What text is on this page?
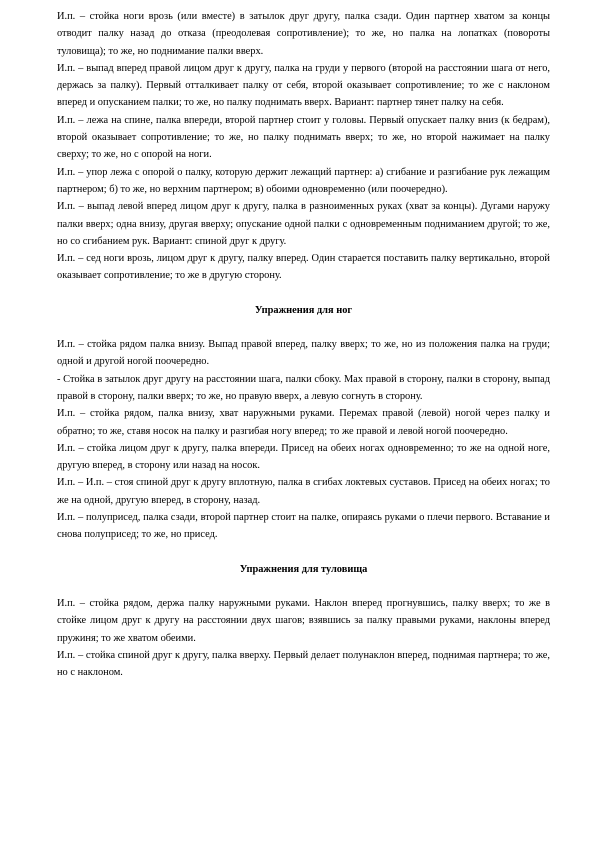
И.п. – стойка ноги врозь (или вместе) в затылок друг другу, палка сзади. Один партнер хватом за концы отводит палку назад до отказа (преодолевая сопротивление); то же, но палка на лопатках (повороты туловища); то же, но поднимание палки вверх.

И.п. – выпад вперед правой лицом друг к другу, палка на груди у первого (второй на расстоянии шага от него, держась за палку). Первый отталкивает палку от себя, второй оказывает сопротивление; то же с наклоном вперед и опусканием палки; то же, но палку поднимать вверх. Вариант: партнер тянет палку на себя.

И.п. – лежа на спине, палка впереди, второй партнер стоит у головы. Первый опускает палку вниз (к бедрам), второй оказывает сопротивление; то же, но палку поднимать вверх; то же, но второй нажимает на палку сверху; то же, но с опорой на ноги.

И.п. – упор лежа с опорой о палку, которую держит лежащий партнер: а) сгибание и разгибание рук лежащим партнером; б) то же, но верхним партнером; в) обоими одновременно (или поочередно).

И.п. – выпад левой вперед лицом друг к другу, палка в разноименных руках (хват за концы). Дугами наружу палки вверх; одна внизу, другая вверху; опускание одной палки с одновременным подниманием другой; то же, но со сгибанием рук. Вариант: спиной друг к другу.

И.п. – сед ноги врозь, лицом друг к другу, палку вперед. Один старается поставить палку вертикально, второй оказывает сопротивление; то же в другую сторону.

Упражнения для ног

И.п. – стойка рядом палка внизу. Выпад правой вперед, палку вверх; то же, но из положения палка на груди; одной и другой ногой поочередно.

- Стойка в затылок друг другу на расстоянии шага, палки сбоку. Мах правой в сторону, палки в сторону, выпад правой в сторону, палки вверх; то же, но правую вверх, а левую согнуть в сторону.

И.п. – стойка рядом, палка внизу, хват наружными руками. Перемах правой (левой) ногой через палку и обратно; то же, ставя носок на палку и разгибая ногу вперед; то же правой и левой ногой поочередно.

И.п. – стойка лицом друг к другу, палка впереди. Присед на обеих ногах одновременно; то же на одной ноге, другую вперед, в сторону или назад на носок.

И.п. – И.п. – стоя спиной друг к другу вплотную, палка в сгибах локтевых суставов. Присед на обеих ногах; то же на одной, другую вперед, в сторону, назад.

И.п. – полуприсед, палка сзади, второй партнер стоит на палке, опираясь руками о плечи первого. Вставание и снова полуприсед; то же, но присед.

Упражнения для туловища

И.п. – стойка рядом, держа палку наружными руками. Наклон вперед прогнувшись, палку вверх; то же в стойке лицом друг к другу на расстоянии двух шагов; взявшись за палку правыми руками, наклоны вперед пружиня; то же хватом обеими.

И.п. – стойка спиной друг к другу, палка вверху. Первый делает полунаклон вперед, поднимая партнера; то же, но с наклоном.
